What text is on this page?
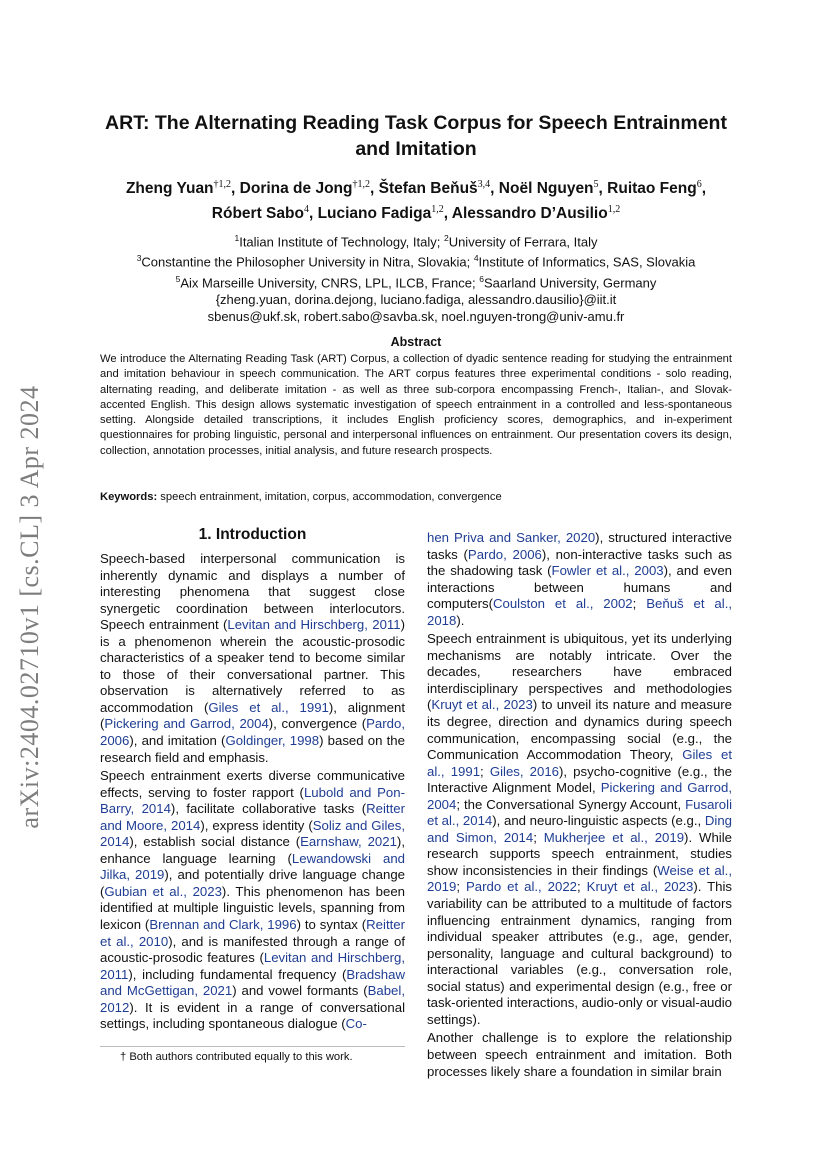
arXiv:2404.02710v1 [cs.CL] 3 Apr 2024
ART: The Alternating Reading Task Corpus for Speech Entrainment
and Imitation
Zheng Yuan$^{\dagger 1,2}$, Dorina de Jong$^{\dagger 1,2}$, Štefan Beňuš$^{3,4}$, Noël Nguyen$^5$, Ruitao Feng$^6$,
Róbert Sabo$^4$, Luciano Fadiga$^{1,2}$, Alessandro D’Ausilio$^{1,2}$
$^1$Italian Institute of Technology, Italy; $^2$University of Ferrara, Italy
$^3$Constantine the Philosopher University in Nitra, Slovakia; $^4$Institute of Informatics, SAS, Slovakia
$^5$Aix Marseille University, CNRS, LPL, ILCB, France; $^6$Saarland University, Germany
{zheng.yuan, dorina.dejong, luciano.fadiga, alessandro.dausilio}@iit.it
sbenus@ukf.sk, robert.sabo@savba.sk, noel.nguyen-trong@univ-amu.fr
Abstract
We introduce the Alternating Reading Task (ART) Corpus, a collection of dyadic sentence reading for studying the entrainment and imitation behaviour in speech communication. The ART corpus features three experimental conditions - solo reading, alternating reading, and deliberate imitation - as well as three sub-corpora encompassing French-, Italian-, and Slovak-accented English. This design allows systematic investigation of speech entrainment in a controlled and less-spontaneous setting. Alongside detailed transcriptions, it includes English proficiency scores, demographics, and in-experiment questionnaires for probing linguistic, personal and interpersonal influences on entrainment. Our presentation covers its design, collection, annotation processes, initial analysis, and future research prospects.
Keywords: speech entrainment, imitation, corpus, accommodation, convergence
1. Introduction

Speech-based interpersonal communication is inherently dynamic and displays a number of interesting phenomena that suggest close synergetic coordination between interlocutors. Speech entrainment (Levitan and Hirschberg, 2011) is a phenomenon wherein the acoustic-prosodic characteristics of a speaker tend to become similar to those of their conversational partner. This observation is alternatively referred to as accommodation (Giles et al., 1991), alignment (Pickering and Garrod, 2004), convergence (Pardo, 2006), and imitation (Goldinger, 1998) based on the research field and emphasis.

Speech entrainment exerts diverse communicative effects, serving to foster rapport (Lubold and Pon-Barry, 2014), facilitate collaborative tasks (Reitter and Moore, 2014), express identity (Soliz and Giles, 2014), establish social distance (Earnshaw, 2021), enhance language learning (Lewandowski and Jilka, 2019), and potentially drive language change (Gubian et al., 2023). This phenomenon has been identified at multiple linguistic levels, spanning from lexicon (Brennan and Clark, 1996) to syntax (Reitter et al., 2010), and is manifested through a range of acoustic-prosodic features (Levitan and Hirschberg, 2011), including fundamental frequency (Bradshaw and McGettigan, 2021) and vowel formants (Babel, 2012). It is evident in a range of conversational settings, including spontaneous dialogue (Co-

hen Priva and Sanker, 2020), structured interactive tasks (Pardo, 2006), non-interactive tasks such as the shadowing task (Fowler et al., 2003), and even interactions between humans and computers(Coulston et al., 2002; Beňuš et al., 2018).

Speech entrainment is ubiquitous, yet its underlying mechanisms are notably intricate. Over the decades, researchers have embraced interdisciplinary perspectives and methodologies (Kruyt et al., 2023) to unveil its nature and measure its degree, direction and dynamics during speech communication, encompassing social (e.g., the Communication Accommodation Theory, Giles et al., 1991; Giles, 2016), psycho-cognitive (e.g., the Interactive Alignment Model, Pickering and Garrod, 2004; the Conversational Synergy Account, Fusaroli et al., 2014), and neuro-linguistic aspects (e.g., Ding and Simon, 2014; Mukherjee et al., 2019). While research supports speech entrainment, studies show inconsistencies in their findings (Weise et al., 2019; Pardo et al., 2022; Kruyt et al., 2023). This variability can be attributed to a multitude of factors influencing entrainment dynamics, ranging from individual speaker attributes (e.g., age, gender, personality, language and cultural background) to interactional variables (e.g., conversation role, social status) and experimental design (e.g., free or task-oriented interactions, audio-only or visual-audio settings).

Another challenge is to explore the relationship between speech entrainment and imitation. Both processes likely share a foundation in similar brain

† Both authors contributed equally to this work.
